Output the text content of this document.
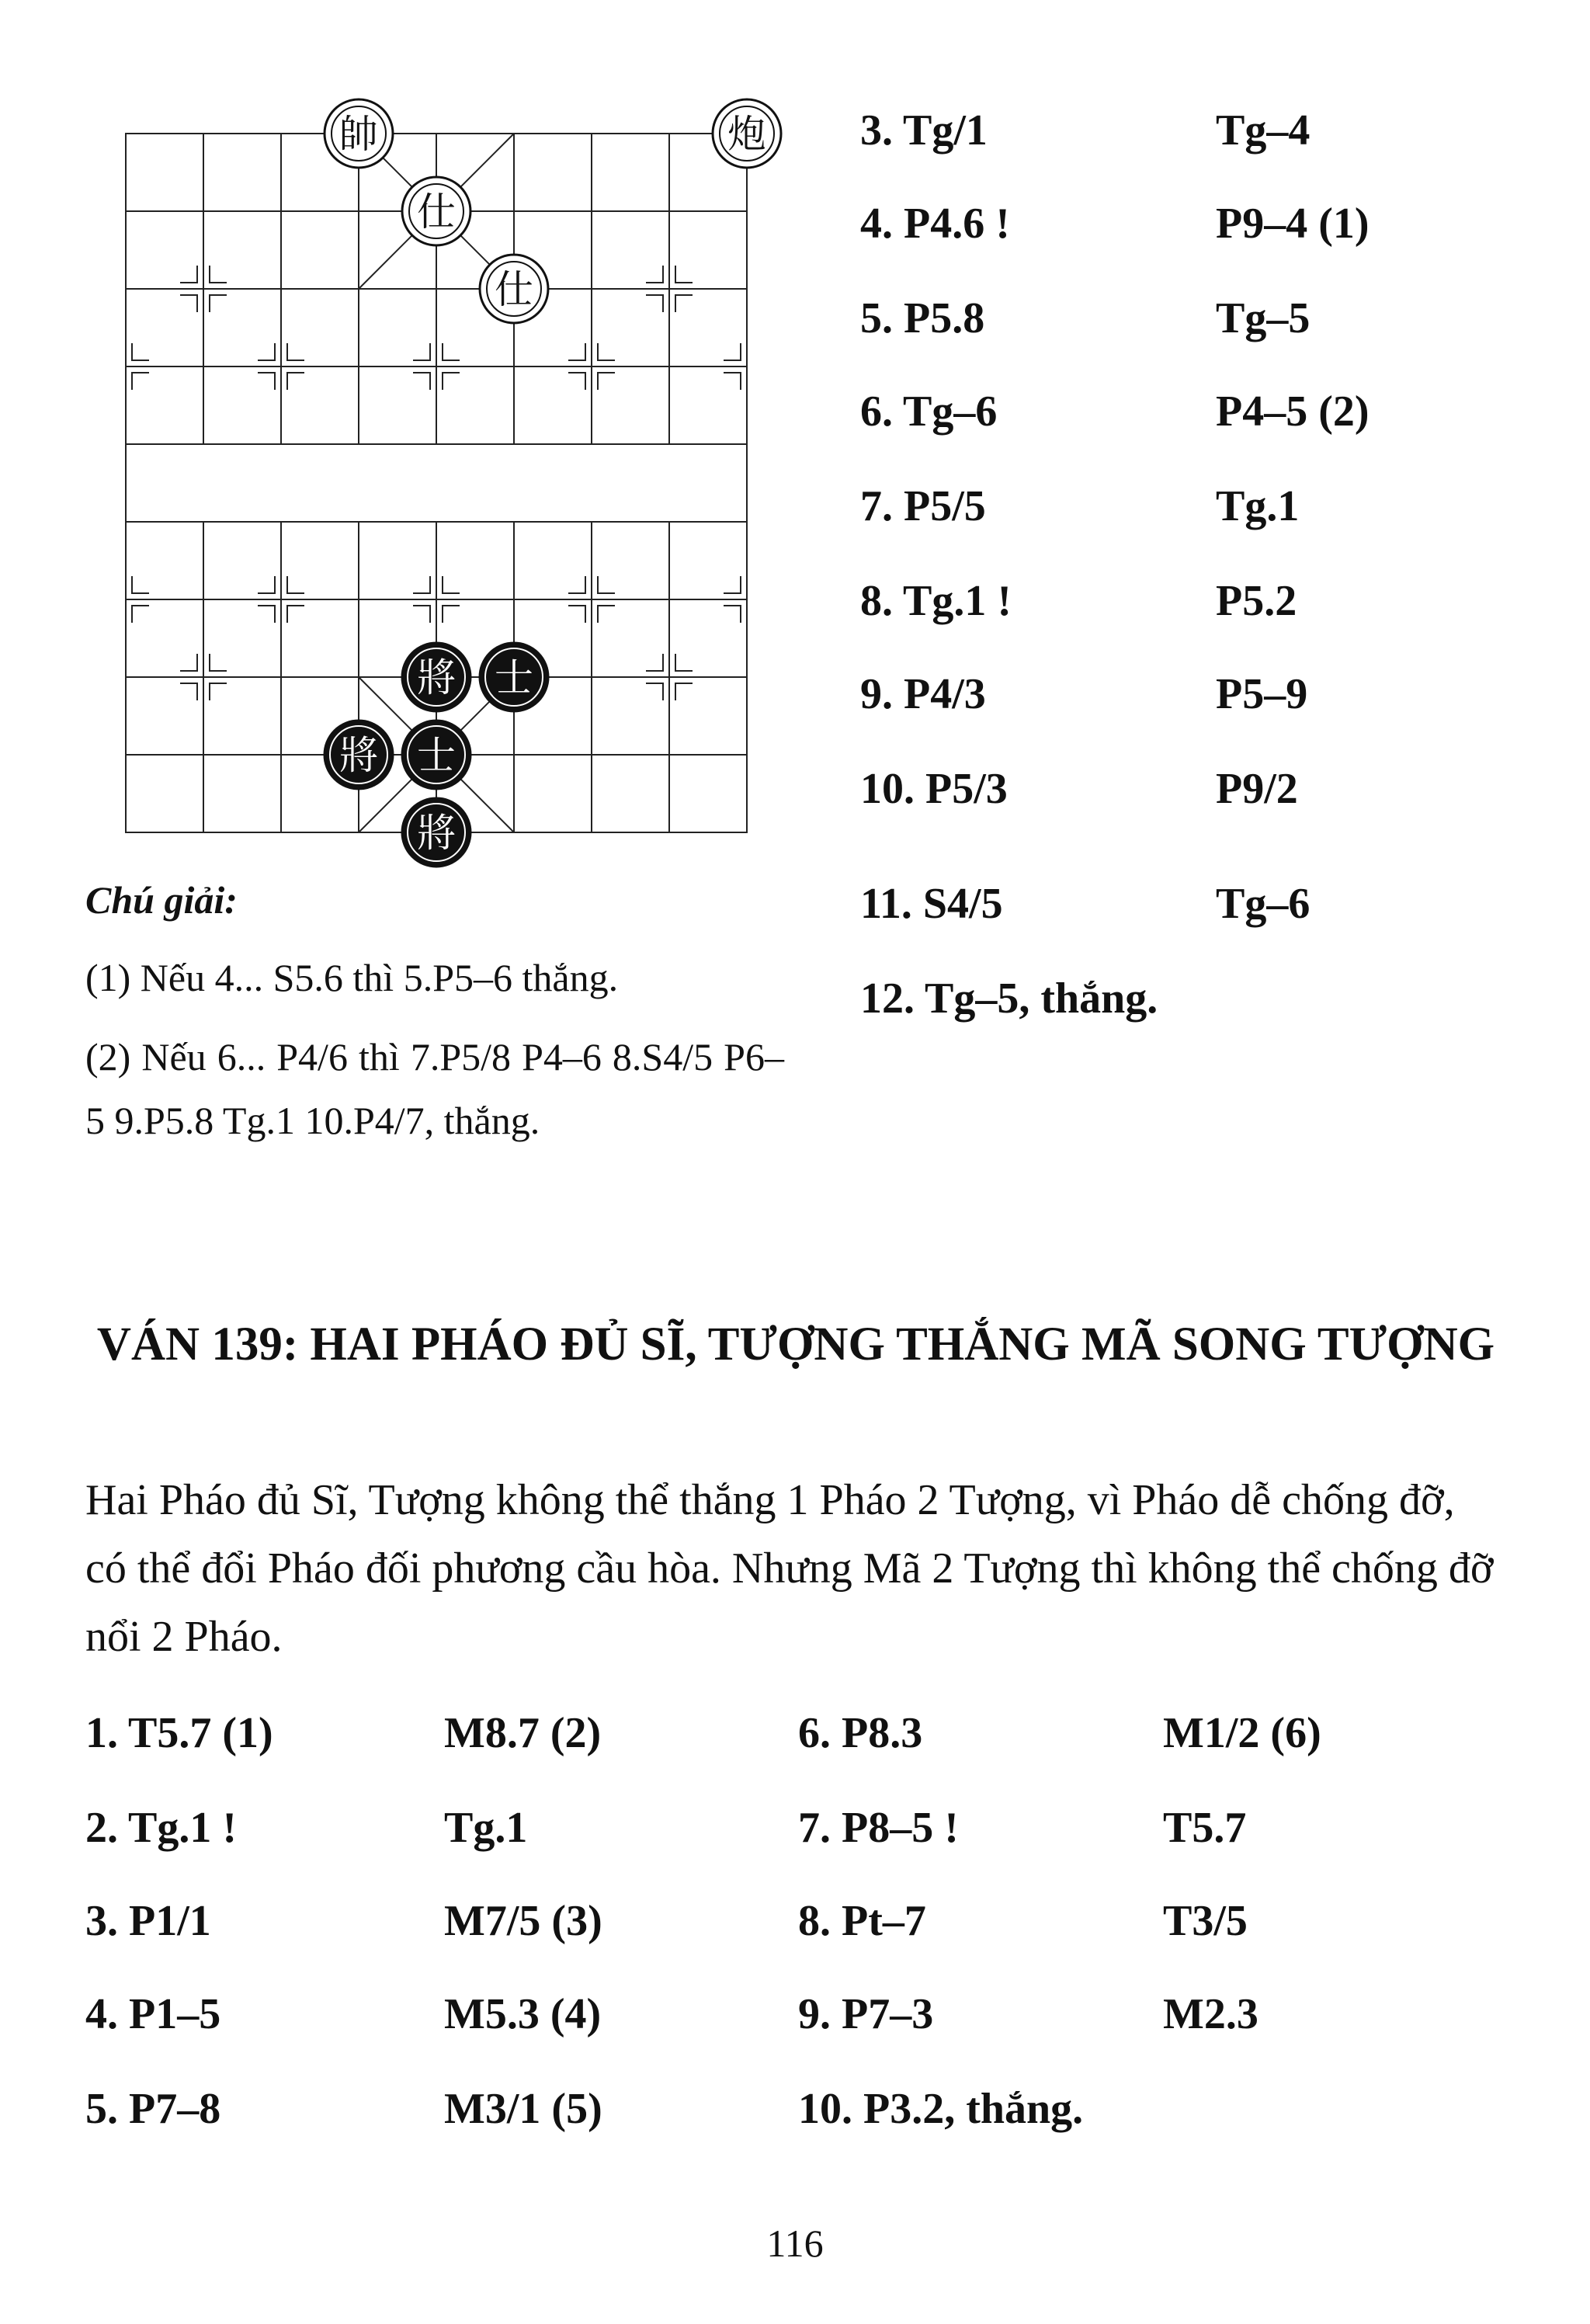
帥	炮
仕
仕
將 士
將 士
將
Chú giải:
(1) Nếu 4... S5.6 thì 5.P5–6 thắng.
(2) Nếu 6... P4/6 thì 7.P5/8 P4–6 8.S4/5 P6–5 9.P5.8 Tg.1 10.P4/7, thắng.
VÁN 139: HAI PHÁO ĐỦ SĨ, TƯỢNG THẮNG MÃ SONG TƯỢNG
Hai Pháo đủ Sĩ, Tượng không thể thắng 1 Pháo 2 Tượng, vì Pháo dễ chống đỡ, có thể đổi Pháo đối phương cầu hòa. Nhưng Mã 2 Tượng thì không thể chống đỡ nổi 2 Pháo.
116
3. Tg/1	Tg–4
4. P4.6 !	P9–4 (1)
5. P5.8	Tg–5
6. Tg–6	P4–5 (2)
7. P5/5	Tg.1
8. Tg.1 !	P5.2
9. P4/3	P5–9
10. P5/3	P9/2
11. S4/5	Tg–6
12. Tg–5, thắng.
1. T5.7 (1)	M8.7 (2)	6. P8.3	M1/2 (6)
2. Tg.1 !	Tg.1	7. P8–5 !	T5.7
3. P1/1	M7/5 (3)	8. Pt–7	T3/5
4. P1–5	M5.3 (4)	9. P7–3	M2.3
5. P7–8	M3/1 (5)	10. P3.2, thắng.
